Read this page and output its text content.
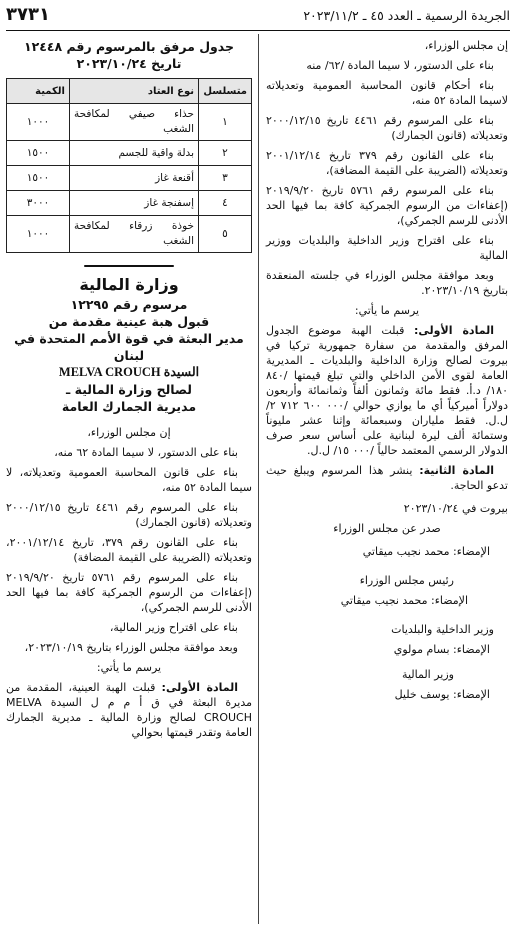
الجريدة الرسمية ـ العدد ٤٥ ـ ٢٠٢٣/١١/٢
٣٧٣١

إن مجلس الوزراء،

بناء على الدستور، لا سيما المادة /٦٢/ منه

بناء أحكام قانون المحاسبة العمومية وتعديلاته لاسيما المادة ٥٢ منه،

بناء على المرسوم رقم ٤٤٦١ تاريخ ٢٠٠٠/١٢/١٥ وتعديلاته (قانون الجمارك)

بناء على القانون رقم ٣٧٩ تاريخ ٢٠٠١/١٢/١٤ وتعديلاته (الضريبة على القيمة المضافة)،

بناء على المرسوم رقم ٥٧٦١ تاريخ ٢٠١٩/٩/٢٠ (إعفاءات من الرسوم الجمركية كافة بما فيها الحد الأدنى للرسم الجمركي)،

بناء على اقتراح وزير الداخلية والبلديات ووزير المالية

وبعد موافقة مجلس الوزراء في جلسته المنعقدة بتاريخ ٢٠٢٣/١٠/١٩.

يرسم ما يأتي:

المادة الأولى: قبلت الهبة موضوع الجدول المرفق والمقدمة من سفارة جمهورية تركيا في بيروت لصالح وزارة الداخلية والبلديات ـ المديرية العامة لقوى الأمن الداخلي والتي تبلغ قيمتها /٨٤٠ ١٨٠/ د.أ. فقط مائة وثمانون ألفاً وثمانمائة وأربعون دولاراً أميركياً أي ما يوازي حوالي /٠٠٠ ٦٠٠ ٧١٢ ٢/ ل.ل. فقط ملياران وسبعمائة وإثنا عشر مليوناً وستمائة ألف ليرة لبنانية على أساس سعر صرف الدولار الرسمي المعتمد حالياً /٠٠٠ ١٥/ ل.ل.

المادة الثانية: ينشر هذا المرسوم ويبلغ حيث تدعو الحاجة.

بيروت في ٢٠٢٣/١٠/٢٤

صدر عن مجلس الوزراء

الإمضاء: محمد نجيب ميقاتي

رئيس مجلس الوزراء

الإمضاء: محمد نجيب ميقاتي

وزير الداخلية والبلديات

الإمضاء: بسام مولوي

وزير المالية

الإمضاء: يوسف خليل

جدول مرفق بالمرسوم رقم ١٢٤٤٨
تاريخ ٢٠٢٣/١٠/٢٤
متسلسل	نوع العتاد	الكمية
١	حذاء صيفي لمكافحة الشغب	١٠٠٠
٢	بدلة واقية للجسم	١٥٠٠
٣	أقنعة غاز	١٥٠٠
٤	إسفنجة غاز	٣٠٠٠
٥	خوذة زرقاء لمكافحة الشغب	١٠٠٠
وزارة المالية
مرسوم رقم ١٢٢٩٥
قبول هبة عينية مقدمة من
مدير البعثة في قوة الأمم المتحدة في لبنان
السيدة MELVA CROUCH
لصالح وزارة المالية ـ
مديرية الجمارك العامة

إن مجلس الوزراء،

بناء على الدستور، لا سيما المادة ٦٢ منه،

بناء على قانون المحاسبة العمومية وتعديلاته، لا سيما المادة ٥٢ منه،

بناء على المرسوم رقم ٤٤٦١ تاريخ ٢٠٠٠/١٢/١٥ وتعديلاته (قانون الجمارك)

بناء على القانون رقم ٣٧٩، تاريخ ٢٠٠١/١٢/١٤، وتعديلاته (الضريبة على القيمة المضافة)

بناء على المرسوم رقم ٥٧٦١ تاريخ ٢٠١٩/٩/٢٠ (إعفاءات من الرسوم الجمركية كافة بما فيها الحد الأدنى للرسم الجمركي)،

بناء على اقتراح وزير المالية،

وبعد موافقة مجلس الوزراء بتاريخ ٢٠٢٣/١٠/١٩،

يرسم ما يأتي:

المادة الأولى: قبلت الهبة العينية، المقدمة من مديرة البعثة في ق أ م م ل السيدة MELVA CROUCH لصالح وزارة المالية ـ مديرية الجمارك العامة وتقدر قيمتها بحوالي
